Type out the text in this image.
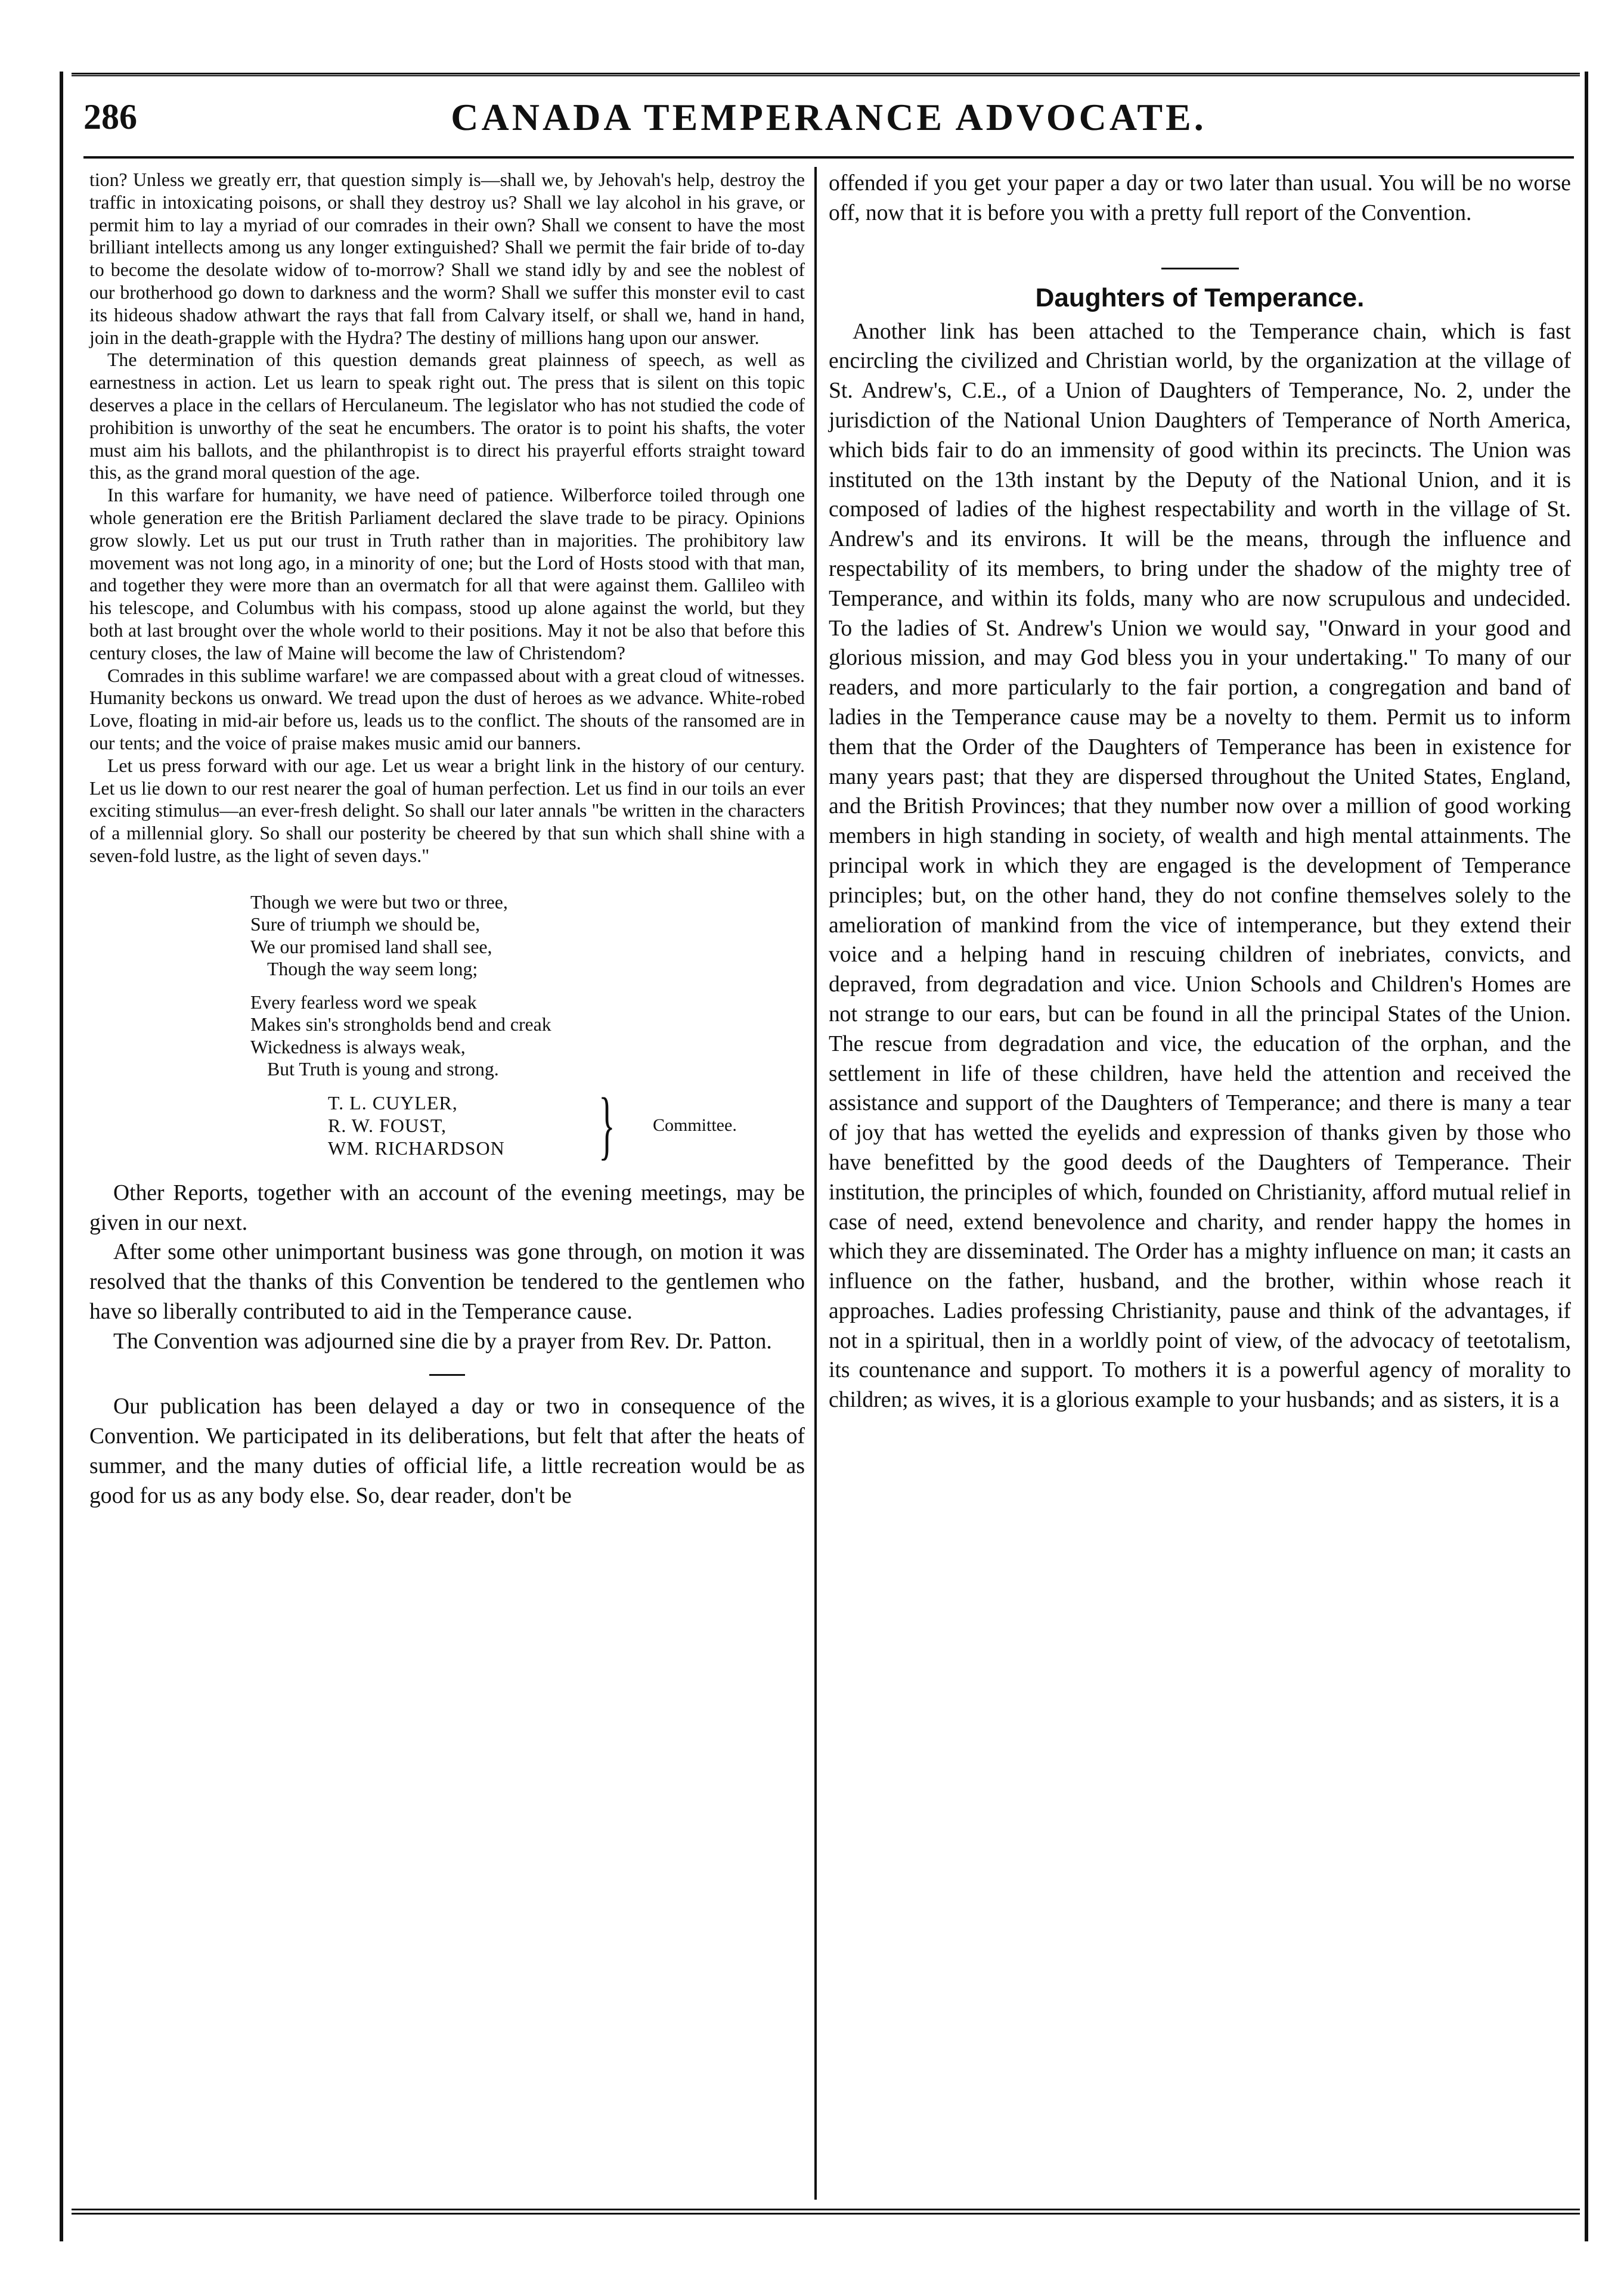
286	CANADA TEMPERANCE ADVOCATE.

tion? Unless we greatly err, that question simply is—shall we, by Jehovah's help, destroy the traffic in intoxicating poisons, or shall they destroy us? Shall we lay alcohol in his grave, or permit him to lay a myriad of our comrades in their own? Shall we consent to have the most brilliant intellects among us any longer extinguished? Shall we permit the fair bride of to-day to become the desolate widow of to-morrow? Shall we stand idly by and see the noblest of our brotherhood go down to darkness and the worm? Shall we suffer this monster evil to cast its hideous shadow athwart the rays that fall from Calvary itself, or shall we, hand in hand, join in the death-grapple with the Hydra? The destiny of millions hang upon our answer.

The determination of this question demands great plainness of speech, as well as earnestness in action. Let us learn to speak right out. The press that is silent on this topic deserves a place in the cellars of Herculaneum. The legislator who has not studied the code of prohibition is unworthy of the seat he encumbers. The orator is to point his shafts, the voter must aim his ballots, and the philanthropist is to direct his prayerful efforts straight toward this, as the grand moral question of the age.

In this warfare for humanity, we have need of patience. Wilberforce toiled through one whole generation ere the British Parliament declared the slave trade to be piracy. Opinions grow slowly. Let us put our trust in Truth rather than in majorities. The prohibitory law movement was not long ago, in a minority of one; but the Lord of Hosts stood with that man, and together they were more than an overmatch for all that were against them. Gallileo with his telescope, and Columbus with his compass, stood up alone against the world, but they both at last brought over the whole world to their positions. May it not be also that before this century closes, the law of Maine will become the law of Christendom?

Comrades in this sublime warfare! we are compassed about with a great cloud of witnesses. Humanity beckons us onward. We tread upon the dust of heroes as we advance. White-robed Love, floating in mid-air before us, leads us to the conflict. The shouts of the ransomed are in our tents; and the voice of praise makes music amid our banners.

Let us press forward with our age. Let us wear a bright link in the history of our century. Let us lie down to our rest nearer the goal of human perfection. Let us find in our toils an ever exciting stimulus—an ever-fresh delight. So shall our later annals "be written in the characters of a millennial glory. So shall our posterity be cheered by that sun which shall shine with a seven-fold lustre, as the light of seven days."

Though we were but two or three,
Sure of triumph we should be,
We our promised land shall see,
Though the way seem long;
Every fearless word we speak
Makes sin's strongholds bend and creak
Wickedness is always weak,
But Truth is young and strong.
T. L. CUYLER,
R. W. FOUST,
WM. RICHARDSON } Committee.

Other Reports, together with an account of the evening meetings, may be given in our next.

After some other unimportant business was gone through, on motion it was resolved that the thanks of this Convention be tendered to the gentlemen who have so liberally contributed to aid in the Temperance cause.

The Convention was adjourned sine die by a prayer from Rev. Dr. Patton.

Our publication has been delayed a day or two in consequence of the Convention. We participated in its deliberations, but felt that after the heats of summer, and the many duties of official life, a little recreation would be as good for us as any body else. So, dear reader, don't be

offended if you get your paper a day or two later than usual. You will be no worse off, now that it is before you with a pretty full report of the Convention.

Daughters of Temperance.

Another link has been attached to the Temperance chain, which is fast encircling the civilized and Christian world, by the organization at the village of St. Andrew's, C.E., of a Union of Daughters of Temperance, No. 2, under the jurisdiction of the National Union Daughters of Temperance of North America, which bids fair to do an immensity of good within its precincts. The Union was instituted on the 13th instant by the Deputy of the National Union, and it is composed of ladies of the highest respectability and worth in the village of St. Andrew's and its environs. It will be the means, through the influence and respectability of its members, to bring under the shadow of the mighty tree of Temperance, and within its folds, many who are now scrupulous and undecided. To the ladies of St. Andrew's Union we would say, "Onward in your good and glorious mission, and may God bless you in your undertaking." To many of our readers, and more particularly to the fair portion, a congregation and band of ladies in the Temperance cause may be a novelty to them. Permit us to inform them that the Order of the Daughters of Temperance has been in existence for many years past; that they are dispersed throughout the United States, England, and the British Provinces; that they number now over a million of good working members in high standing in society, of wealth and high mental attainments. The principal work in which they are engaged is the development of Temperance principles; but, on the other hand, they do not confine themselves solely to the amelioration of mankind from the vice of intemperance, but they extend their voice and a helping hand in rescuing children of inebriates, convicts, and depraved, from degradation and vice. Union Schools and Children's Homes are not strange to our ears, but can be found in all the principal States of the Union. The rescue from degradation and vice, the education of the orphan, and the settlement in life of these children, have held the attention and received the assistance and support of the Daughters of Temperance; and there is many a tear of joy that has wetted the eyelids and expression of thanks given by those who have benefitted by the good deeds of the Daughters of Temperance. Their institution, the principles of which, founded on Christianity, afford mutual relief in case of need, extend benevolence and charity, and render happy the homes in which they are disseminated. The Order has a mighty influence on man; it casts an influence on the father, husband, and the brother, within whose reach it approaches. Ladies professing Christianity, pause and think of the advantages, if not in a spiritual, then in a worldly point of view, of the advocacy of teetotalism, its countenance and support. To mothers it is a powerful agency of morality to children; as wives, it is a glorious example to your husbands; and as sisters, it is a
